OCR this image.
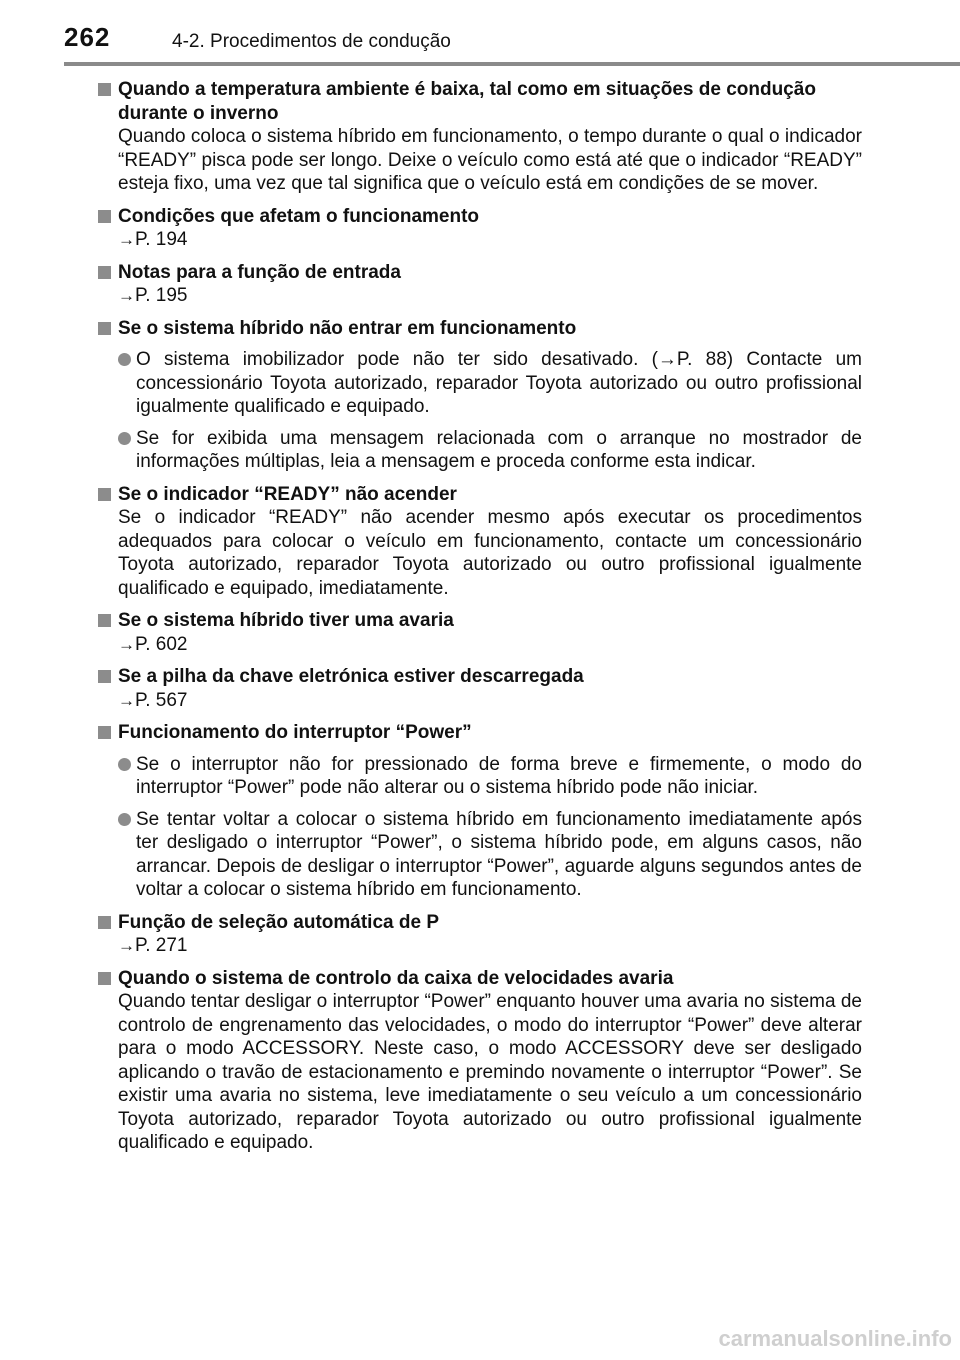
262	4-2. Procedimentos de condução
Quando a temperatura ambiente é baixa, tal como em situações de condução durante o inverno
Quando coloca o sistema híbrido em funcionamento, o tempo durante o qual o indicador “READY” pisca pode ser longo. Deixe o veículo como está até que o indicador “READY” esteja fixo, uma vez que tal significa que o veículo está em condições de se mover.
Condições que afetam o funcionamento
→P. 194
Notas para a função de entrada
→P. 195
Se o sistema híbrido não entrar em funcionamento
O sistema imobilizador pode não ter sido desativado. (→P. 88) Contacte um concessionário Toyota autorizado, reparador Toyota autorizado ou outro profissional igualmente qualificado e equipado.
Se for exibida uma mensagem relacionada com o arranque no mostrador de informações múltiplas, leia a mensagem e proceda conforme esta indicar.
Se o indicador “READY” não acender
Se o indicador “READY” não acender mesmo após executar os procedimentos adequados para colocar o veículo em funcionamento, contacte um concessionário Toyota autorizado, reparador Toyota autorizado ou outro profissional igualmente qualificado e equipado, imediatamente.
Se o sistema híbrido tiver uma avaria
→P. 602
Se a pilha da chave eletrónica estiver descarregada
→P. 567
Funcionamento do interruptor “Power”
Se o interruptor não for pressionado de forma breve e firmemente, o modo do interruptor “Power” pode não alterar ou o sistema híbrido pode não iniciar.
Se tentar voltar a colocar o sistema híbrido em funcionamento imediatamente após ter desligado o interruptor “Power”, o sistema híbrido pode, em alguns casos, não arrancar. Depois de desligar o interruptor “Power”, aguarde alguns segundos antes de voltar a colocar o sistema híbrido em funcionamento.
Função de seleção automática de P
→P. 271
Quando o sistema de controlo da caixa de velocidades avaria
Quando tentar desligar o interruptor “Power” enquanto houver uma avaria no sistema de controlo de engrenamento das velocidades, o modo do interruptor “Power” deve alterar para o modo ACCESSORY. Neste caso, o modo ACCESSORY deve ser desligado aplicando o travão de estacionamento e premindo novamente o interruptor “Power”. Se existir uma avaria no sistema, leve imediatamente o seu veículo a um concessionário Toyota autorizado, reparador Toyota autorizado ou outro profissional igualmente qualificado e equipado.
carmanualsonline.info
